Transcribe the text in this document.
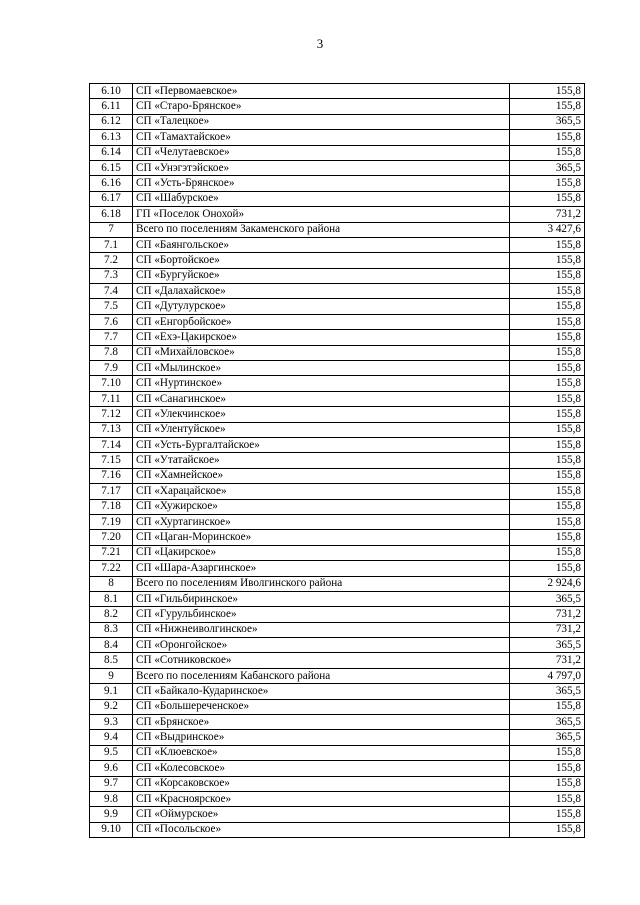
3
6.10	СП «Первомаевское»	155,8
6.11	СП «Старо-Брянское»	155,8
6.12	СП «Талецкое»	365,5
6.13	СП «Тамахтайское»	155,8
6.14	СП «Челутаевское»	155,8
6.15	СП «Унэгэтэйское»	365,5
6.16	СП «Усть-Брянское»	155,8
6.17	СП «Шабурское»	155,8
6.18	ГП «Поселок Онохой»	731,2
7	Всего по поселениям Закаменского района	3 427,6
7.1	СП «Баянгольское»	155,8
7.2	СП «Бортойское»	155,8
7.3	СП «Бургуйское»	155,8
7.4	СП «Далахайское»	155,8
7.5	СП «Дутулурское»	155,8
7.6	СП «Енгорбойское»	155,8
7.7	СП «Ехэ-Цакирское»	155,8
7.8	СП «Михайловское»	155,8
7.9	СП «Мылинское»	155,8
7.10	СП «Нуртинское»	155,8
7.11	СП «Санагинское»	155,8
7.12	СП «Улекчинское»	155,8
7.13	СП «Улентуйское»	155,8
7.14	СП «Усть-Бургалтайское»	155,8
7.15	СП «Утатайское»	155,8
7.16	СП «Хамнейское»	155,8
7.17	СП «Харацайское»	155,8
7.18	СП «Хужирское»	155,8
7.19	СП «Хуртагинское»	155,8
7.20	СП «Цаган-Моринское»	155,8
7.21	СП «Цакирское»	155,8
7.22	СП «Шара-Азаргинское»	155,8
8	Всего по поселениям Иволгинского района	2 924,6
8.1	СП «Гильбиринское»	365,5
8.2	СП «Гурульбинское»	731,2
8.3	СП «Нижнеиволгинское»	731,2
8.4	СП «Оронгойское»	365,5
8.5	СП «Сотниковское»	731,2
9	Всего по поселениям Кабанского района	4 797,0
9.1	СП «Байкало-Кударинское»	365,5
9.2	СП «Большереченское»	155,8
9.3	СП «Брянское»	365,5
9.4	СП «Выдринское»	365,5
9.5	СП «Клюевское»	155,8
9.6	СП «Колесовское»	155,8
9.7	СП «Корсаковское»	155,8
9.8	СП «Красноярское»	155,8
9.9	СП «Оймурское»	155,8
9.10	СП «Посольское»	155,8
